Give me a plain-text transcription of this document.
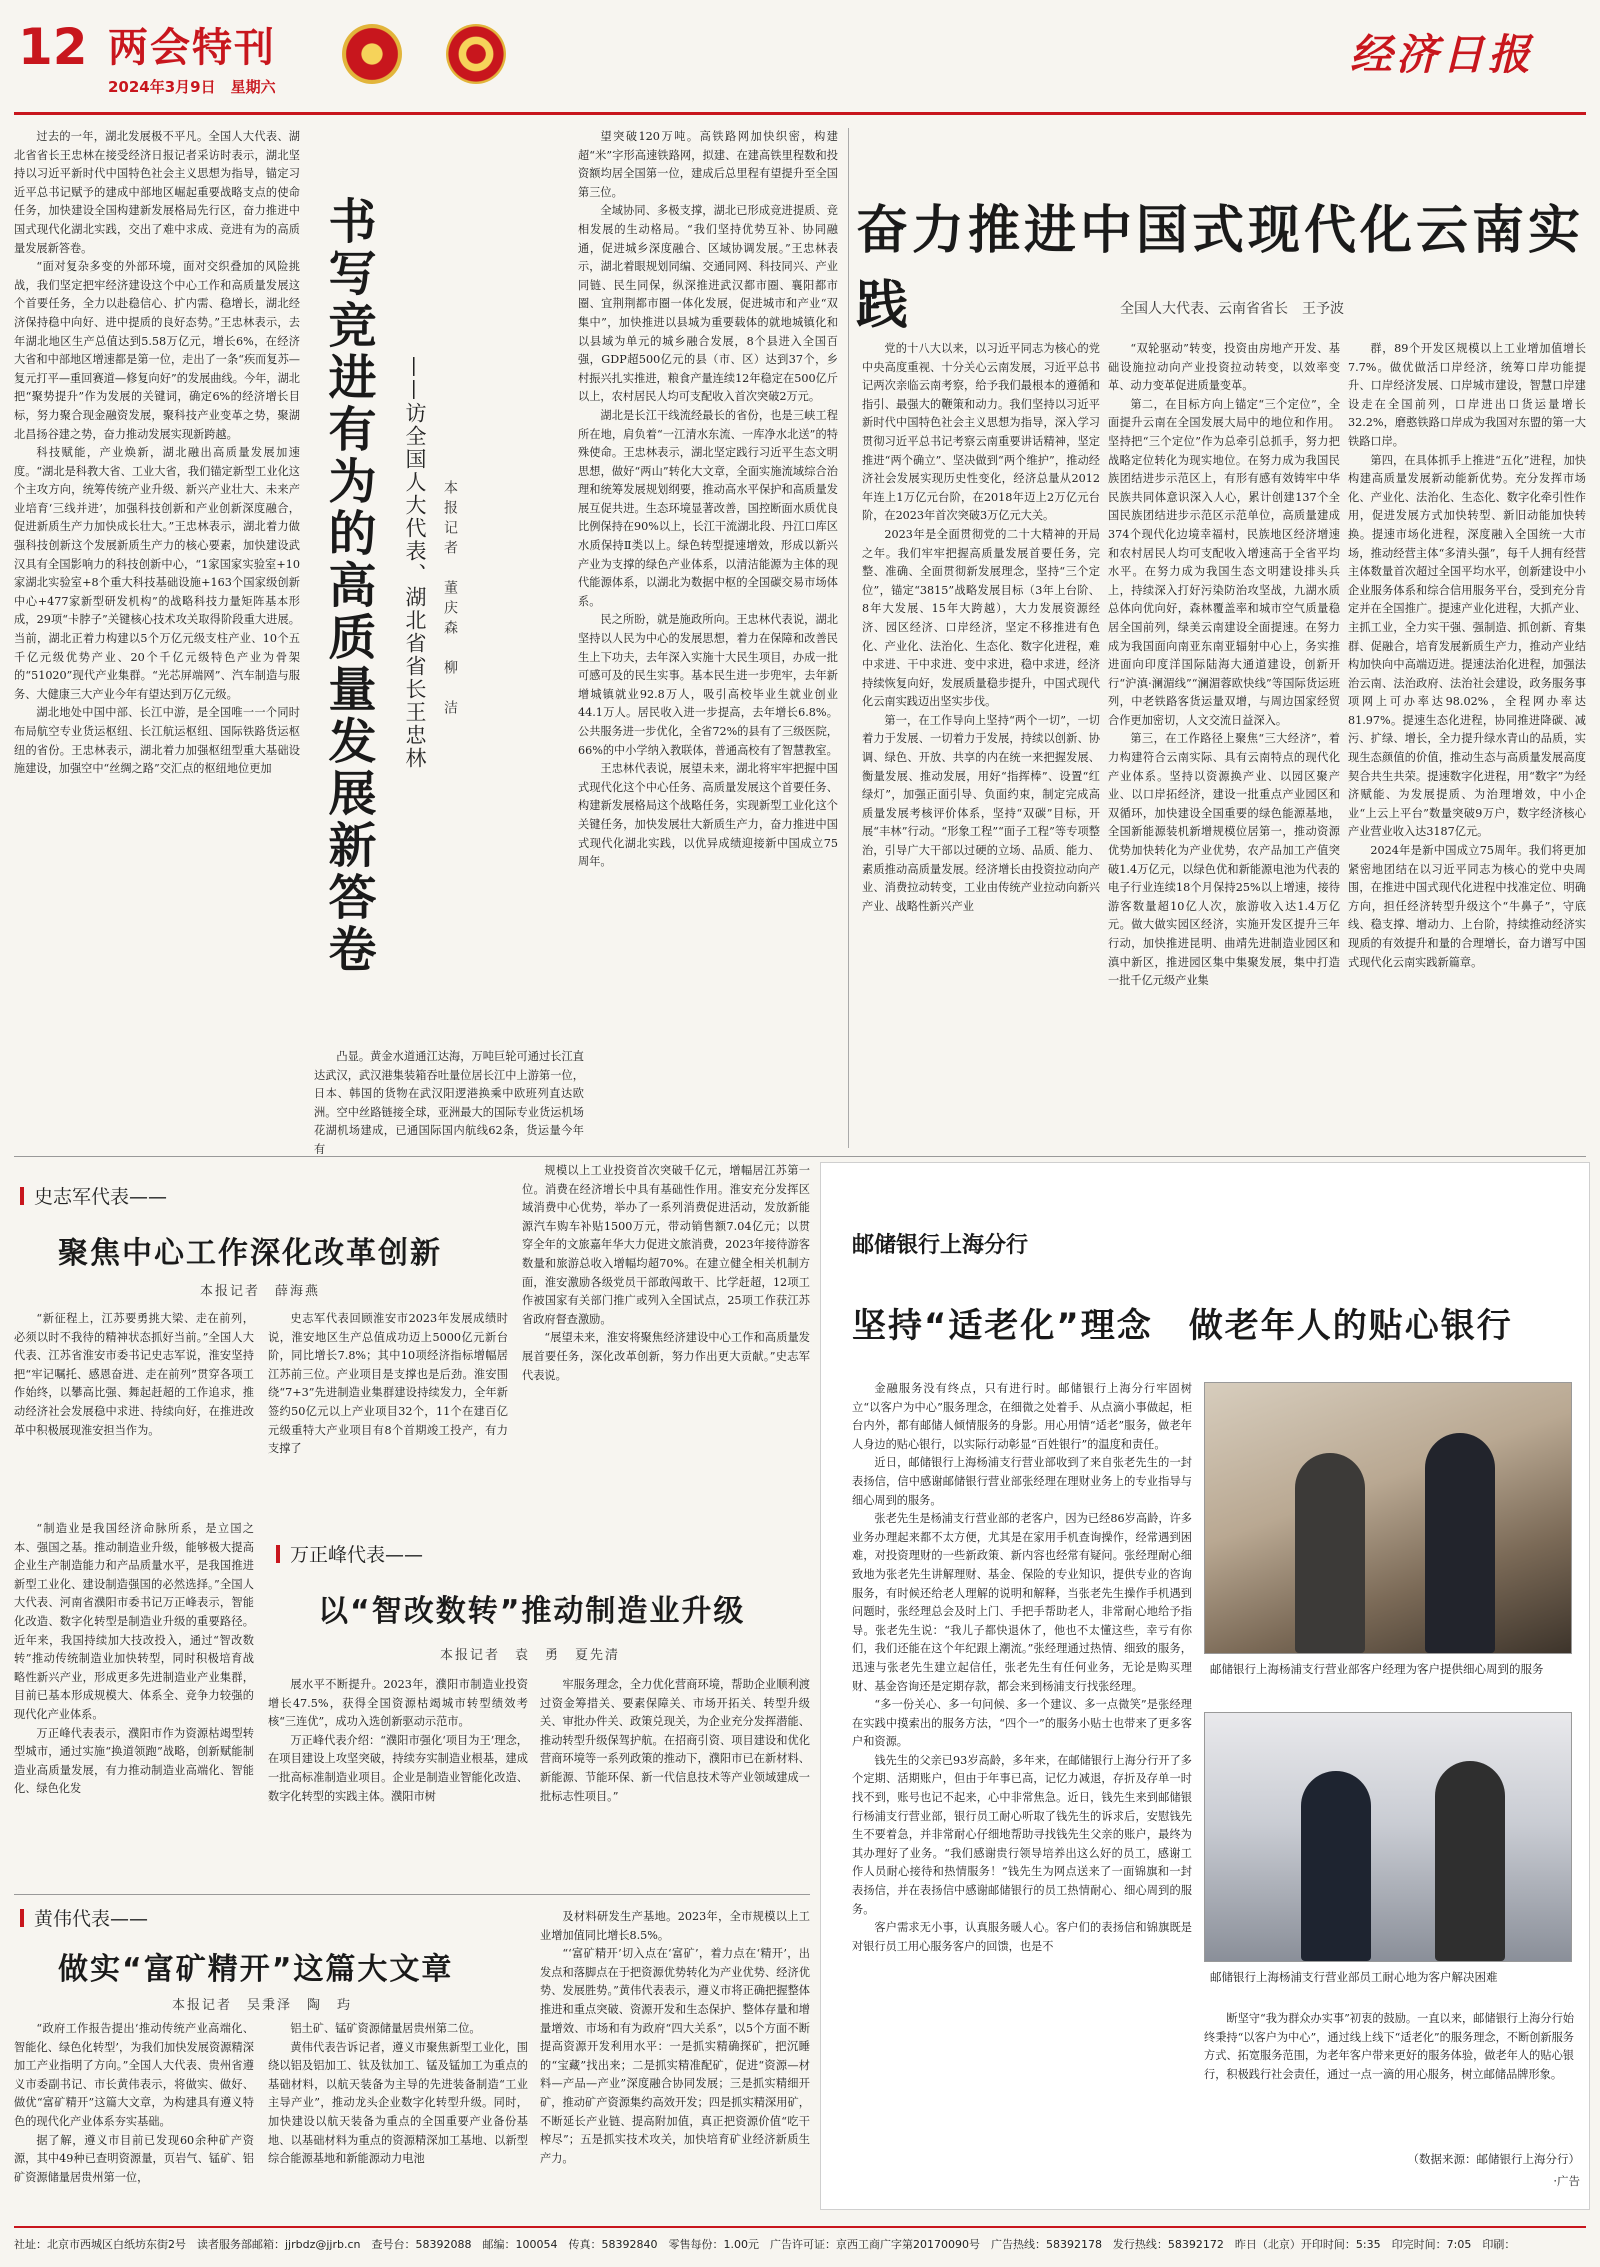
12 两会特刊
2024年3月9日　星期六
经济日报

过去的一年，湖北发展极不平凡。全国人大代表、湖北省省长王忠林在接受经济日报记者采访时表示，湖北坚持以习近平新时代中国特色社会主义思想为指导，锚定习近平总书记赋予的建成中部地区崛起重要战略支点的使命任务，加快建设全国构建新发展格局先行区，奋力推进中国式现代化湖北实践，交出了难中求成、竞进有为的高质量发展新答卷。

“面对复杂多变的外部环境，面对交织叠加的风险挑战，我们坚定把牢经济建设这个中心工作和高质量发展这个首要任务，全力以赴稳信心、扩内需、稳增长，湖北经济保持稳中向好、进中提质的良好态势。”王忠林表示，去年湖北地区生产总值达到5.58万亿元，增长6%，在经济大省和中部地区增速都是第一位，走出了一条“疾而复苏—复元打平—重回赛道—修复向好”的发展曲线。今年，湖北把“聚势提升”作为发展的关键词，确定6%的经济增长目标，努力聚合现金融资发展，聚科技产业变革之势，聚湖北昌扬谷建之势，奋力推动发展实现新跨越。

科技赋能，产业焕新，湖北融出高质量发展加速度。“湖北是科教大省、工业大省，我们锚定新型工业化这个主攻方向，统筹传统产业升级、新兴产业壮大、未来产业培育‘三线并进’，加强科技创新和产业创新深度融合，促进新质生产力加快成长壮大。”王忠林表示，湖北着力做强科技创新这个发展新质生产力的核心要素，加快建设武汉具有全国影响力的科技创新中心，“1家国家实验室+10家湖北实验室+8个重大科技基础设施+163个国家级创新中心+477家新型研发机构”的战略科技力量矩阵基本形成，29项“卡脖子”关键核心技术攻关取得阶段重大进展。当前，湖北正着力构建以5个万亿元级支柱产业、10个五千亿元级优势产业、20个千亿元级特色产业为骨架的“51020”现代产业集群。“光芯屏端网”、汽车制造与服务、大健康三大产业今年有望达到万亿元级。

湖北地处中国中部、长江中游，是全国唯一一个同时布局航空专业货运枢纽、长江航运枢纽、国际铁路货运枢纽的省份。王忠林表示，湖北着力加强枢纽型重大基础设施建设，加强空中“丝绸之路”交汇点的枢纽地位更加	书写竞进有为的高质量发展新答卷 ——访全国人大代表、湖北省省长王忠林 本报记者　董庆森　柳　洁

凸显。黄金水道通江达海，万吨巨轮可通过长江直达武汉，武汉港集装箱吞吐量位居长江中上游第一位，日本、韩国的货物在武汉阳逻港换乘中欧班列直达欧洲。空中丝路链接全球，亚洲最大的国际专业货运机场花湖机场建成，已通国际国内航线62条，货运量今年有

望突破120万吨。高铁路网加快织密，构建超“米”字形高速铁路网，拟建、在建高铁里程数和投资额均居全国第一位，建成后总里程有望提升至全国第三位。

全域协同、多极支撑，湖北已形成竞进提质、竞相发展的生动格局。“我们坚持优势互补、协同融通，促进城乡深度融合、区域协调发展。”王忠林表示，湖北着眼规划同编、交通同网、科技同兴、产业同链、民生同保，纵深推进武汉都市圈、襄阳都市圈、宜荆荆都市圈一体化发展，促进城市和产业“双集中”，加快推进以县城为重要载体的就地城镇化和以县域为单元的城乡融合发展，8个县进入全国百强，GDP超500亿元的县（市、区）达到37个，乡村振兴扎实推进，粮食产量连续12年稳定在500亿斤以上，农村居民人均可支配收入首次突破2万元。

湖北是长江干线流经最长的省份，也是三峡工程所在地，肩负着“一江清水东流、一库净水北送”的特殊使命。王忠林表示，湖北坚定践行习近平生态文明思想，做好“两山”转化大文章，全面实施流域综合治理和统筹发展规划纲要，推动高水平保护和高质量发展互促共进。生态环境显著改善，国控断面水质优良比例保持在90%以上，长江干流湖北段、丹江口库区水质保持Ⅱ类以上。绿色转型提速增效，形成以新兴产业为支撑的绿色产业体系，以清洁能源为主体的现代能源体系，以湖北为数据中枢的全国碳交易市场体系。

民之所盼，就是施政所向。王忠林代表说，湖北坚持以人民为中心的发展思想，着力在保障和改善民生上下功夫，去年深入实施十大民生项目，办成一批可感可及的民生实事。基本民生进一步兜牢，去年新增城镇就业92.8万人，吸引高校毕业生就业创业44.1万人。居民收入进一步提高，去年增长6.8%。公共服务进一步优化，全省72%的县有了三级医院，66%的中小学纳入教联体，普通高校有了智慧教室。

王忠林代表说，展望未来，湖北将牢牢把握中国式现代化这个中心任务、高质量发展这个首要任务、构建新发展格局这个战略任务，实现新型工业化这个关键任务，加快发展壮大新质生产力，奋力推进中国式现代化湖北实践，以优异成绩迎接新中国成立75周年。

奋力推进中国式现代化云南实践	全国人大代表、云南省省长　王予波

党的十八大以来，以习近平同志为核心的党中央高度重视、十分关心云南发展，习近平总书记两次亲临云南考察，给予我们最根本的遵循和指引、最强大的鞭策和动力。我们坚持以习近平新时代中国特色社会主义思想为指导，深入学习贯彻习近平总书记考察云南重要讲话精神，坚定推进“两个确立”、坚决做到“两个维护”，推动经济社会发展实现历史性变化，经济总量从2012年连上1万亿元台阶，在2018年迈上2万亿元台阶，在2023年首次突破3万亿元大关。

2023年是全面贯彻党的二十大精神的开局之年。我们牢牢把握高质量发展首要任务，完整、准确、全面贯彻新发展理念，坚持“三个定位”，锚定“3815”战略发展目标（3年上台阶、8年大发展、15年大跨越），大力发展资源经济、园区经济、口岸经济，坚定不移推进有色化、产业化、法治化、生态化、数字化进程，难中求进、干中求进、变中求进，稳中求进，经济持续恢复向好，发展质量稳步提升，中国式现代化云南实践迈出坚实步伐。

第一，在工作导向上坚持“两个一切”，一切着力于发展、一切着力于发展，持续以创新、协调、绿色、开放、共享的内在统一来把握发展、衡量发展、推动发展，用好“指挥棒”、设置“红绿灯”，加强正面引导、负面约束，制定完成高质量发展考核评价体系，坚持“双碳”目标，开展“丰林”行动。“形象工程”“面子工程”等专项整治，引导广大干部以过硬的立场、品质、能力、素质推动高质量发展。经济增长由投资拉动向产业、消费拉动转变，工业由传统产业拉动向新兴产业、战略性新兴产业

“双轮驱动”转变，投资由房地产开发、基础设施拉动向产业投资拉动转变，以效率变革、动力变革促进质量变革。

第二，在目标方向上锚定“三个定位”，全面提升云南在全国发展大局中的地位和作用。坚持把“三个定位”作为总牵引总抓手，努力把战略定位转化为现实地位。在努力成为我国民族团结进步示范区上，有形有感有效铸牢中华民族共同体意识深入人心，累计创建137个全国民族团结进步示范区示范单位，高质量建成374个现代化边境幸福村，民族地区经济增速和农村居民人均可支配收入增速高于全省平均水平。在努力成为我国生态文明建设排头兵上，持续深入打好污染防治攻坚战，九湖水质总体向优向好，森林覆盖率和城市空气质量稳居全国前列，绿美云南建设全面提速。在努力成为我国面向南亚东南亚辐射中心上，务实推进面向印度洋国际陆海大通道建设，创新开行“沪滇·澜湄线”“澜湄蓉欧快线”等国际货运班列，中老铁路客货运量双增，与周边国家经贸合作更加密切，人文交流日益深入。

第三，在工作路径上聚焦“三大经济”，着力构建符合云南实际、具有云南特点的现代化产业体系。坚持以资源换产业、以园区聚产业、以口岸拓经济，建设一批重点产业园区和双循环，加快建设全国重要的绿色能源基地，全国新能源装机新增规模位居第一，推动资源优势加快转化为产业优势，农产品加工产值突破1.4万亿元，以绿色优和新能源电池为代表的电子行业连续18个月保持25%以上增速，接待游客数量超10亿人次，旅游收入达1.4万亿元。做大做实园区经济，实施开发区提升三年行动，加快推进昆明、曲靖先进制造业园区和滇中新区，推进园区集中集聚发展，集中打造一批千亿元级产业集

群，89个开发区规模以上工业增加值增长7.7%。做优做活口岸经济，统筹口岸功能提升、口岸经济发展、口岸城市建设，智慧口岸建设走在全国前列，口岸进出口货运量增长32.2%，磨憨铁路口岸成为我国对东盟的第一大铁路口岸。

第四，在具体抓手上推进“五化”进程，加快构建高质量发展新动能新优势。充分发挥市场化、产业化、法治化、生态化、数字化牵引性作用，促进发展方式加快转型、新旧动能加快转换。提速市场化进程，深度融入全国统一大市场，推动经营主体“多清头强”，每千人拥有经营主体数量首次超过全国平均水平，创新建设中小企业服务体系和综合信用服务平台，受到充分肯定并在全国推广。提速产业化进程，大抓产业、主抓工业，全力实干强、强制造、抓创新、育集群、促融合，培育发展新质生产力，推动产业结构加快向中高端迈进。提速法治化进程，加强法治云南、法治政府、法治社会建设，政务服务事项网上可办率达98.02%，全程网办率达81.97%。提速生态化进程，协同推进降碳、减污、扩绿、增长，全力提升绿水青山的品质，实现生态颜值的价值，推动生态与高质量发展高度契合共生共荣。提速数字化进程，用“数字”为经济赋能、为发展提质、为治理增效，中小企业“上云上平台”数量突破9万户，数字经济核心产业营业收入达3187亿元。

2024年是新中国成立75周年。我们将更加紧密地团结在以习近平同志为核心的党中央周围，在推进中国式现代化进程中找准定位、明确方向，担任经济转型升级这个“牛鼻子”，守底线、稳支撑、增动力、上台阶，持续推动经济实现质的有效提升和量的合理增长，奋力谱写中国式现代化云南实践新篇章。

史志军代表——
聚焦中心工作深化改革创新
本报记者　薛海燕

“新征程上，江苏要勇挑大梁、走在前列，必须以时不我待的精神状态抓好当前。”全国人大代表、江苏省淮安市委书记史志军说，淮安坚持把“牢记嘱托、感恩奋进、走在前列”贯穿各项工作始终，以攀高比强、舞起赶超的工作追求，推动经济社会发展稳中求进、持续向好，在推进改革中积极展现淮安担当作为。

史志军代表回顾淮安市2023年发展成绩时说，淮安地区生产总值成功迈上5000亿元新台阶，同比增长7.8%；其中10项经济指标增幅居江苏前三位。产业项目是支撑也是后劲。淮安围绕“7+3”先进制造业集群建设持续发力，全年新签约50亿元以上产业项目32个，11个在建百亿元级重特大产业项目有8个首期竣工投产，有力支撑了

规模以上工业投资首次突破千亿元，增幅居江苏第一位。消费在经济增长中具有基础性作用。淮安充分发挥区域消费中心优势，举办了一系列消费促进活动，发放新能源汽车购车补贴1500万元，带动销售额7.04亿元；以贯穿全年的文旅嘉年华大力促进文旅消费，2023年接待游客数量和旅游总收入增幅均超70%。在建立健全相关机制方面，淮安激励各级党员干部敢闯敢干、比学赶超，12项工作被国家有关部门推广或列入全国试点，25项工作获江苏省政府督查激励。

“展望未来，淮安将聚焦经济建设中心工作和高质量发展首要任务，深化改革创新，努力作出更大贡献。”史志军代表说。

“制造业是我国经济命脉所系，是立国之本、强国之基。推动制造业升级，能够极大提高企业生产制造能力和产品质量水平，是我国推进新型工业化、建设制造强国的必然选择。”全国人大代表、河南省濮阳市委书记万正峰表示，智能化改造、数字化转型是制造业升级的重要路径。近年来，我国持续加大技改投入，通过“智改数转”推动传统制造业加快转型，同时积极培育战略性新兴产业，形成更多先进制造业产业集群，目前已基本形成规模大、体系全、竞争力较强的现代化产业体系。

万正峰代表表示，濮阳市作为资源枯竭型转型城市，通过实施“换道领跑”战略，创新赋能制造业高质量发展，有力推动制造业高端化、智能化、绿色化发

万正峰代表——
以“智改数转”推动制造业升级
本报记者　袁　勇　夏先清

展水平不断提升。2023年，濮阳市制造业投资增长47.5%，获得全国资源枯竭城市转型绩效考核“三连优”，成功入选创新驱动示范市。

万正峰代表介绍：“濮阳市强化‘项目为王’理念，在项目建设上攻坚突破，持续夯实制造业根基，建成一批高标准制造业项目。企业是制造业智能化改造、数字化转型的实践主体。濮阳市树

牢服务理念，全力优化营商环境，帮助企业顺利渡过资金筹措关、要素保障关、市场开拓关、转型升级关、审批办件关、政策兑现关，为企业充分发挥潜能、推动转型升级保驾护航。在招商引资、项目建设和优化营商环境等一系列政策的推动下，濮阳市已在新材料、新能源、节能环保、新一代信息技术等产业领域建成一批标志性项目。”

黄伟代表——
做实“富矿精开”这篇大文章
本报记者　吴秉泽　陶　玙

“政府工作报告提出‘推动传统产业高端化、智能化、绿色化转型’，为我们加快发展资源精深加工产业指明了方向。”全国人大代表、贵州省遵义市委副书记、市长黄伟表示，将做实、做好、做优“富矿精开”这篇大文章，为构建具有遵义特色的现代化产业体系夯实基础。

据了解，遵义市目前已发现60余种矿产资源，其中49种已查明资源量，页岩气、锰矿、铝矿资源储量居贵州第一位，

铝土矿、锰矿资源储量居贵州第二位。

黄伟代表告诉记者，遵义市聚焦新型工业化，围绕以铝及铝加工、钛及钛加工、锰及锰加工为重点的基础材料，以航天装备为主导的先进装备制造“工业主导产业”，推动龙头企业数字化转型升级。同时，加快建设以航天装备为重点的全国重要产业备份基地、以基础材料为重点的资源精深加工基地、以新型综合能源基地和新能源动力电池

及材料研发生产基地。2023年，全市规模以上工业增加值同比增长8.5%。

“‘富矿精开’切入点在‘富矿’，着力点在‘精开’，出发点和落脚点在于把资源优势转化为产业优势、经济优势、发展胜势。”黄伟代表表示，遵义市将正确把握整体推进和重点突破、资源开发和生态保护、整体存量和增量增效、市场和有为政府“四大关系”，以5个方面不断提高资源开发利用水平：一是抓实精确探矿，把沉睡的“宝藏”找出来；二是抓实精准配矿，促进“资源—材料—产品—产业”深度融合协同发展；三是抓实精细开矿，推动矿产资源集约高效开发；四是抓实精深用矿，不断延长产业链、提高附加值，真正把资源价值“吃干榨尽”；五是抓实技术攻关，加快培育矿业经济新质生产力。

邮储银行上海分行
坚持“适老化”理念　做老年人的贴心银行

金融服务没有终点，只有进行时。邮储银行上海分行牢固树立“以客户为中心”服务理念，在细微之处着手、从点滴小事做起，柜台内外，都有邮储人倾情服务的身影。用心用情“适老”服务，做老年人身边的贴心银行，以实际行动彰显“百姓银行”的温度和责任。

近日，邮储银行上海杨浦支行营业部收到了来自张老先生的一封表扬信，信中感谢邮储银行营业部张经理在理财业务上的专业指导与细心周到的服务。

张老先生是杨浦支行营业部的老客户，因为已经86岁高龄，许多业务办理起来都不太方便，尤其是在家用手机查询操作，经常遇到困难，对投资理财的一些新政策、新内容也经常有疑问。张经理耐心细致地为张老先生讲解理财、基金、保险的专业知识，提供专业的咨询服务，有时候还给老人理解的说明和解释，当张老先生操作手机遇到问题时，张经理总会及时上门、手把手帮助老人，非常耐心地给予指导。张老先生说：“我儿子都快退休了，他也不太懂这些，幸亏有你们，我们还能在这个年纪跟上潮流。”张经理通过热情、细致的服务，迅速与张老先生建立起信任，张老先生有任何业务，无论是购买理财、基金咨询还是定期存款，都会来到杨浦支行找张经理。

“多一份关心、多一句问候、多一个建议、多一点微笑”是张经理在实践中摸索出的服务方法，“四个一”的服务小贴士也带来了更多客户和资源。

钱先生的父亲已93岁高龄，多年来，在邮储银行上海分行开了多个定期、活期账户，但由于年事已高，记忆力减退，存折及存单一时找不到，账号也记不起来，心中非常焦急。近日，钱先生来到邮储银行杨浦支行营业部，银行员工耐心听取了钱先生的诉求后，安慰钱先生不要着急，并非常耐心仔细地帮助寻找钱先生父亲的账户，最终为其办理好了业务。“我们感谢贵行领导培养出这么好的员工，感谢工作人员耐心接待和热情服务！”钱先生为网点送来了一面锦旗和一封表扬信，并在表扬信中感谢邮储银行的员工热情耐心、细心周到的服务。

客户需求无小事，认真服务暖人心。客户们的表扬信和锦旗既是对银行员工用心服务客户的回馈，也是不

邮储银行上海杨浦支行营业部客户经理为客户提供细心周到的服务
邮储银行上海杨浦支行营业部员工耐心地为客户解决困难

断坚守“我为群众办实事”初衷的鼓励。一直以来，邮储银行上海分行始终秉持“以客户为中心”，通过线上线下“适老化”的服务理念，不断创新服务方式、拓宽服务范围，为老年客户带来更好的服务体验，做老年人的贴心银行，积极践行社会责任，通过一点一滴的用心服务，树立邮储品牌形象。

（数据来源：邮储银行上海分行）
·广告
社址：北京市西城区白纸坊东街2号　读者服务部邮箱：jjrbdz@jjrb.cn　查号台：58392088　邮编：100054　传真：58392840　零售每份：1.00元　广告许可证：京西工商广字第20170090号　广告热线：58392178　发行热线：58392172　昨日（北京）开印时间：5:35　印完时间：7:05　印刷：
